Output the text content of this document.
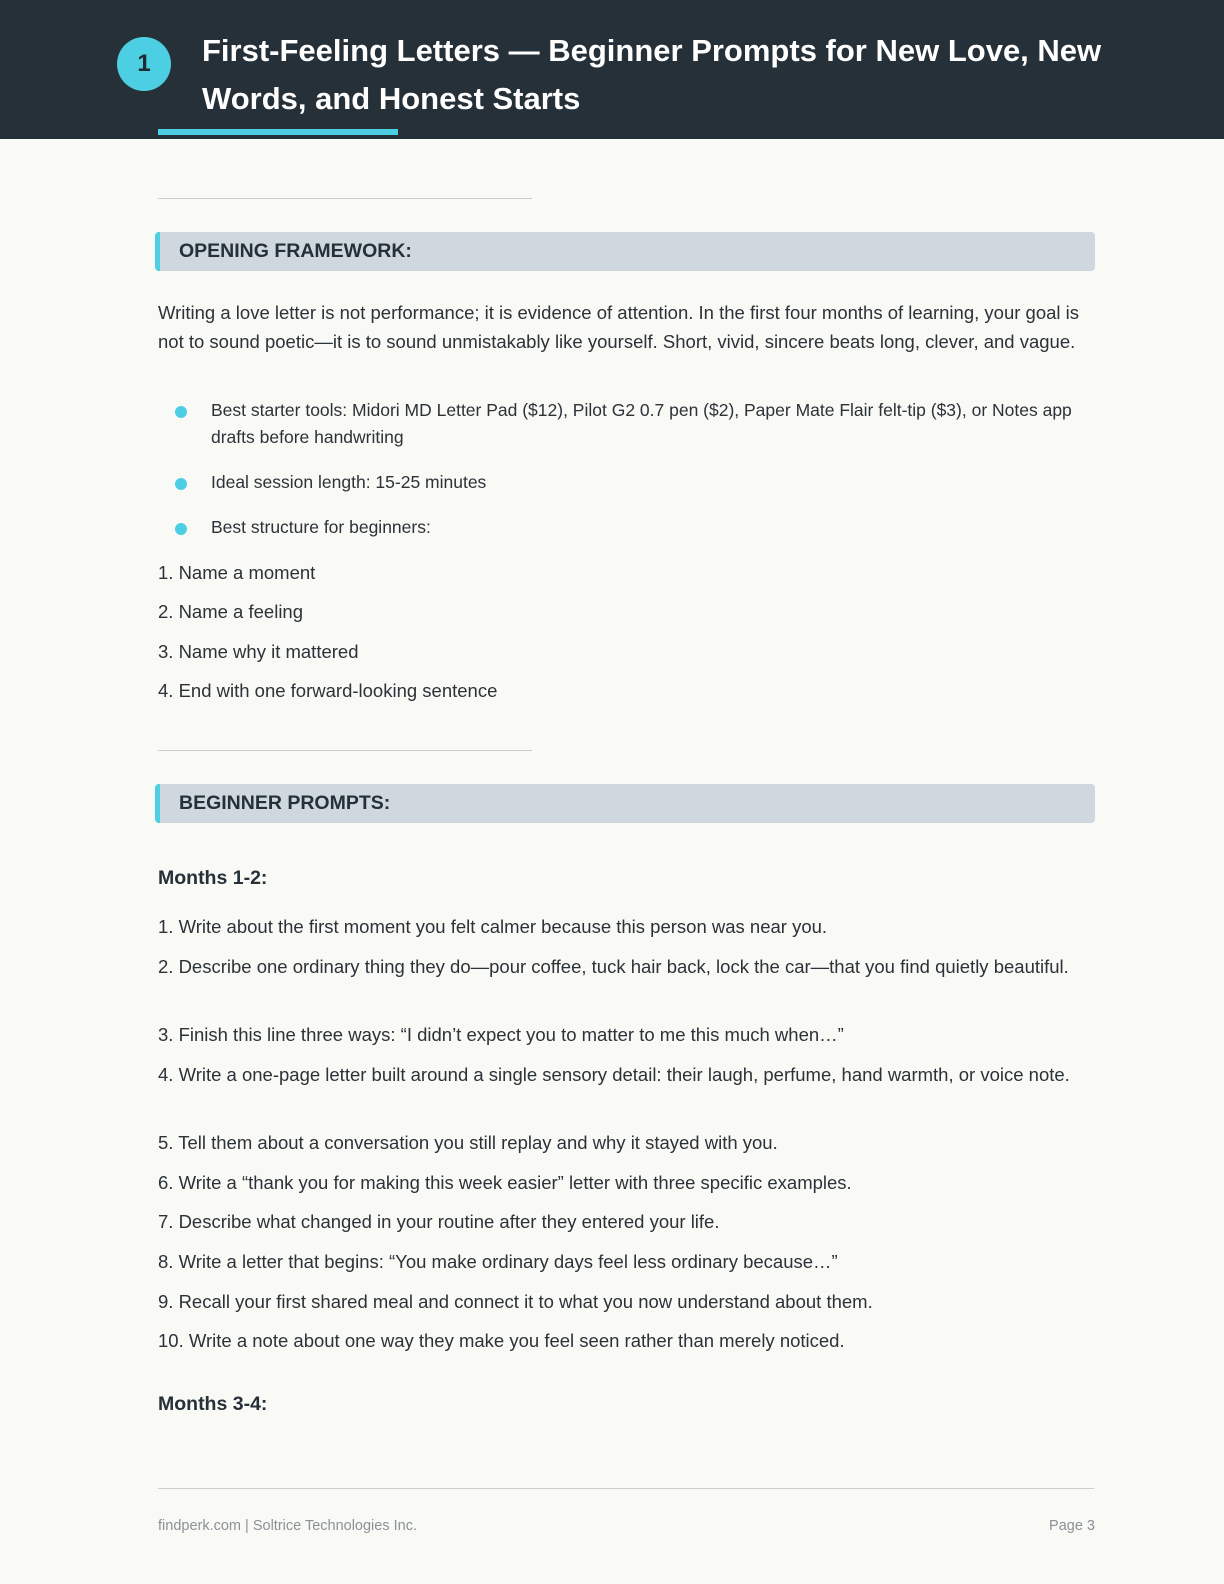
1	First-Feeling Letters — Beginner Prompts for New Love, New Words, and Honest Starts
OPENING FRAMEWORK:

Writing a love letter is not performance; it is evidence of attention. In the first four months of learning, your goal is not to sound poetic—it is to sound unmistakably like yourself. Short, vivid, sincere beats long, clever, and vague.

Best starter tools: Midori MD Letter Pad ($12), Pilot G2 0.7 pen ($2), Paper Mate Flair felt-tip ($3), or Notes app drafts before handwriting
Ideal session length: 15-25 minutes
Best structure for beginners:
1. Name a moment
2. Name a feeling
3. Name why it mattered
4. End with one forward-looking sentence
BEGINNER PROMPTS:
Months 1-2:
1. Write about the first moment you felt calmer because this person was near you.
2. Describe one ordinary thing they do—pour coffee, tuck hair back, lock the car—that you find quietly beautiful.
3. Finish this line three ways: “I didn’t expect you to matter to me this much when…”
4. Write a one-page letter built around a single sensory detail: their laugh, perfume, hand warmth, or voice note.
5. Tell them about a conversation you still replay and why it stayed with you.
6. Write a “thank you for making this week easier” letter with three specific examples.
7. Describe what changed in your routine after they entered your life.
8. Write a letter that begins: “You make ordinary days feel less ordinary because…”
9. Recall your first shared meal and connect it to what you now understand about them.
10. Write a note about one way they make you feel seen rather than merely noticed.
Months 3-4:
findperk.com | Soltrice Technologies Inc.	Page 3
